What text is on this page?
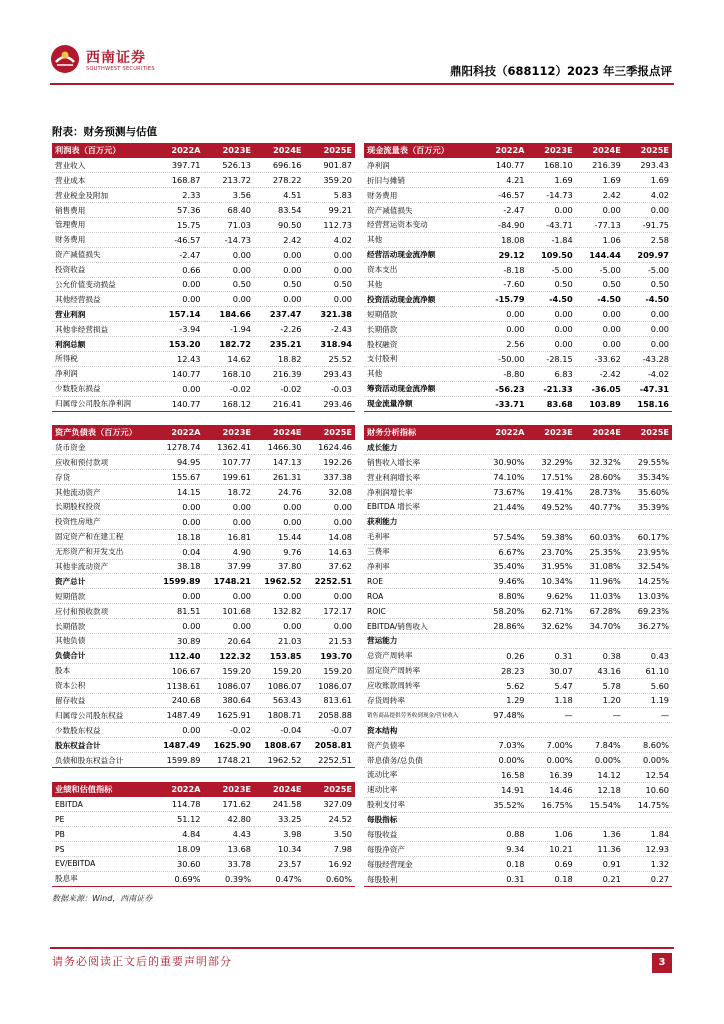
西南证券
SOUTHWEST SECURITIES	鼎阳科技（688112）2023 年三季报点评
附表：财务预测与估值
利润表（百万元）	2022A	2023E	2024E	2025E
营业收入	397.71	526.13	696.16	901.87
营业成本	168.87	213.72	278.22	359.20
营业税金及附加	2.33	3.56	4.51	5.83
销售费用	57.36	68.40	83.54	99.21
管理费用	15.75	71.03	90.50	112.73
财务费用	-46.57	-14.73	2.42	4.02
资产减值损失	-2.47	0.00	0.00	0.00
投资收益	0.66	0.00	0.00	0.00
公允价值变动损益	0.00	0.50	0.50	0.50
其他经营损益	0.00	0.00	0.00	0.00
营业利润	157.14	184.66	237.47	321.38
其他非经营损益	-3.94	-1.94	-2.26	-2.43
利润总额	153.20	182.72	235.21	318.94
所得税	12.43	14.62	18.82	25.52
净利润	140.77	168.10	216.39	293.43
少数股东损益	0.00	-0.02	-0.02	-0.03
归属母公司股东净利润	140.77	168.12	216.41	293.46
现金流量表（百万元）	2022A	2023E	2024E	2025E
净利润	140.77	168.10	216.39	293.43
折旧与摊销	4.21	1.69	1.69	1.69
财务费用	-46.57	-14.73	2.42	4.02
资产减值损失	-2.47	0.00	0.00	0.00
经营营运资本变动	-84.90	-43.71	-77.13	-91.75
其他	18.08	-1.84	1.06	2.58
经营活动现金流净额	29.12	109.50	144.44	209.97
资本支出	-8.18	-5.00	-5.00	-5.00
其他	-7.60	0.50	0.50	0.50
投资活动现金流净额	-15.79	-4.50	-4.50	-4.50
短期借款	0.00	0.00	0.00	0.00
长期借款	0.00	0.00	0.00	0.00
股权融资	2.56	0.00	0.00	0.00
支付股利	-50.00	-28.15	-33.62	-43.28
其他	-8.80	6.83	-2.42	-4.02
筹资活动现金流净额	-56.23	-21.33	-36.05	-47.31
现金流量净额	-33.71	83.68	103.89	158.16
资产负债表（百万元）	2022A	2023E	2024E	2025E
货币资金	1278.74	1362.41	1466.30	1624.46
应收和预付款项	94.95	107.77	147.13	192.26
存货	155.67	199.61	261.31	337.38
其他流动资产	14.15	18.72	24.76	32.08
长期股权投资	0.00	0.00	0.00	0.00
投资性房地产	0.00	0.00	0.00	0.00
固定资产和在建工程	18.18	16.81	15.44	14.08
无形资产和开发支出	0.04	4.90	9.76	14.63
其他非流动资产	38.18	37.99	37.80	37.62
资产总计	1599.89	1748.21	1962.52	2252.51
短期借款	0.00	0.00	0.00	0.00
应付和预收款项	81.51	101.68	132.82	172.17
长期借款	0.00	0.00	0.00	0.00
其他负债	30.89	20.64	21.03	21.53
负债合计	112.40	122.32	153.85	193.70
股本	106.67	159.20	159.20	159.20
资本公积	1138.61	1086.07	1086.07	1086.07
留存收益	240.68	380.64	563.43	813.61
归属母公司股东权益	1487.49	1625.91	1808.71	2058.88
少数股东权益	0.00	-0.02	-0.04	-0.07
股东权益合计	1487.49	1625.90	1808.67	2058.81
负债和股东权益合计	1599.89	1748.21	1962.52	2252.51
财务分析指标	2022A	2023E	2024E	2025E
成长能力				
销售收入增长率	30.90%	32.29%	32.32%	29.55%
营业利润增长率	74.10%	17.51%	28.60%	35.34%
净利润增长率	73.67%	19.41%	28.73%	35.60%
EBITDA 增长率	21.44%	49.52%	40.77%	35.39%
获利能力				
毛利率	57.54%	59.38%	60.03%	60.17%
三费率	6.67%	23.70%	25.35%	23.95%
净利率	35.40%	31.95%	31.08%	32.54%
ROE	9.46%	10.34%	11.96%	14.25%
ROA	8.80%	9.62%	11.03%	13.03%
ROIC	58.20%	62.71%	67.28%	69.23%
EBITDA/销售收入	28.86%	32.62%	34.70%	36.27%
营运能力				
总资产周转率	0.26	0.31	0.38	0.43
固定资产周转率	28.23	30.07	43.16	61.10
应收账款周转率	5.62	5.47	5.78	5.60
存货周转率	1.29	1.18	1.20	1.19
销售商品提供劳务收到现金/营业收入	97.48%	—	—	—
资本结构				
资产负债率	7.03%	7.00%	7.84%	8.60%
带息债务/总负债	0.00%	0.00%	0.00%	0.00%
流动比率	16.58	16.39	14.12	12.54
速动比率	14.91	14.46	12.18	10.60
股利支付率	35.52%	16.75%	15.54%	14.75%
每股指标				
每股收益	0.88	1.06	1.36	1.84
每股净资产	9.34	10.21	11.36	12.93
每股经营现金	0.18	0.69	0.91	1.32
每股股利	0.31	0.18	0.21	0.27
业绩和估值指标	2022A	2023E	2024E	2025E
EBITDA	114.78	171.62	241.58	327.09
PE	51.12	42.80	33.25	24.52
PB	4.84	4.43	3.98	3.50
PS	18.09	13.68	10.34	7.98
EV/EBITDA	30.60	33.78	23.57	16.92
股息率	0.69%	0.39%	0.47%	0.60%
数据来源：Wind，西南证券
请务必阅读正文后的重要声明部分	3
